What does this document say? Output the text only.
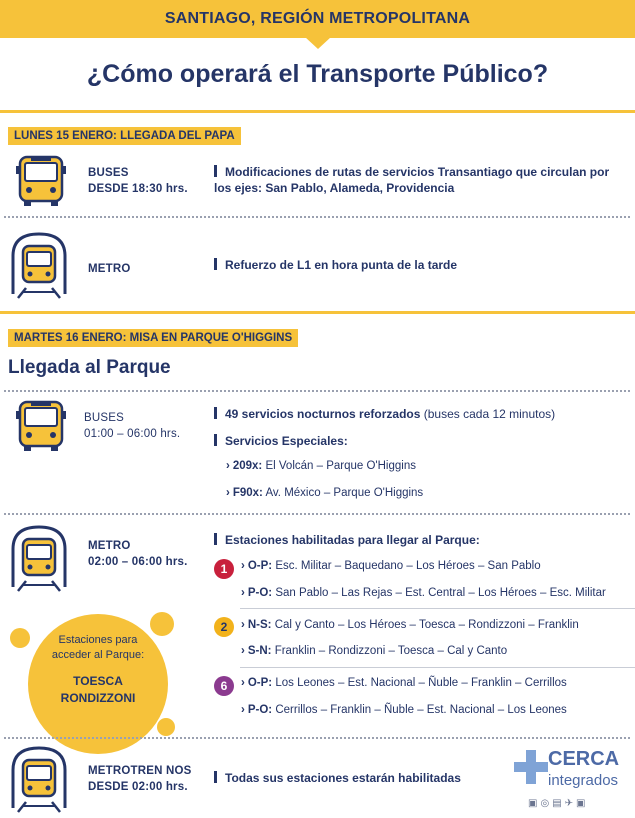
SANTIAGO, REGIÓN METROPOLITANA
¿Cómo operará el Transporte Público?
LUNES 15 ENERO: LLEGADA DEL PAPA
BUSES
DESDE 18:30 hrs.
Modificaciones de rutas de servicios Transantiago que circulan por los ejes: San Pablo, Alameda, Providencia
METRO	Refuerzo de L1 en hora punta de la tarde
MARTES 16 ENERO: MISA EN PARQUE O'HIGGINS
Llegada al Parque
BUSES
01:00 – 06:00 hrs.
49 servicios nocturnos reforzados (buses cada 12 minutos)
Servicios Especiales:
› 209x: El Volcán – Parque O'Higgins
› F90x: Av. México – Parque O'Higgins
METRO
02:00 – 06:00 hrs.
Estaciones habilitadas para llegar al Parque:
1	› O-P: Esc. Militar – Baquedano – Los Héroes – San Pablo
› P-O: San Pablo – Las Rejas – Est. Central – Los Héroes – Esc. Militar
2	› N-S: Cal y Canto – Los Héroes – Toesca – Rondizzoni – Franklin
› S-N: Franklin – Rondizzoni – Toesca – Cal y Canto
6	› O-P: Los Leones – Est. Nacional – Ñuble – Franklin – Cerrillos
› P-O: Cerrillos – Franklin – Ñuble – Est. Nacional – Los Leones
Estaciones para
acceder al Parque:
TOESCA
RONDIZZONI
METROTREN NOS
DESDE 02:00 hrs.
Todas sus estaciones estarán habilitadas
CERCA
integrados
▣◎▤✈▣
